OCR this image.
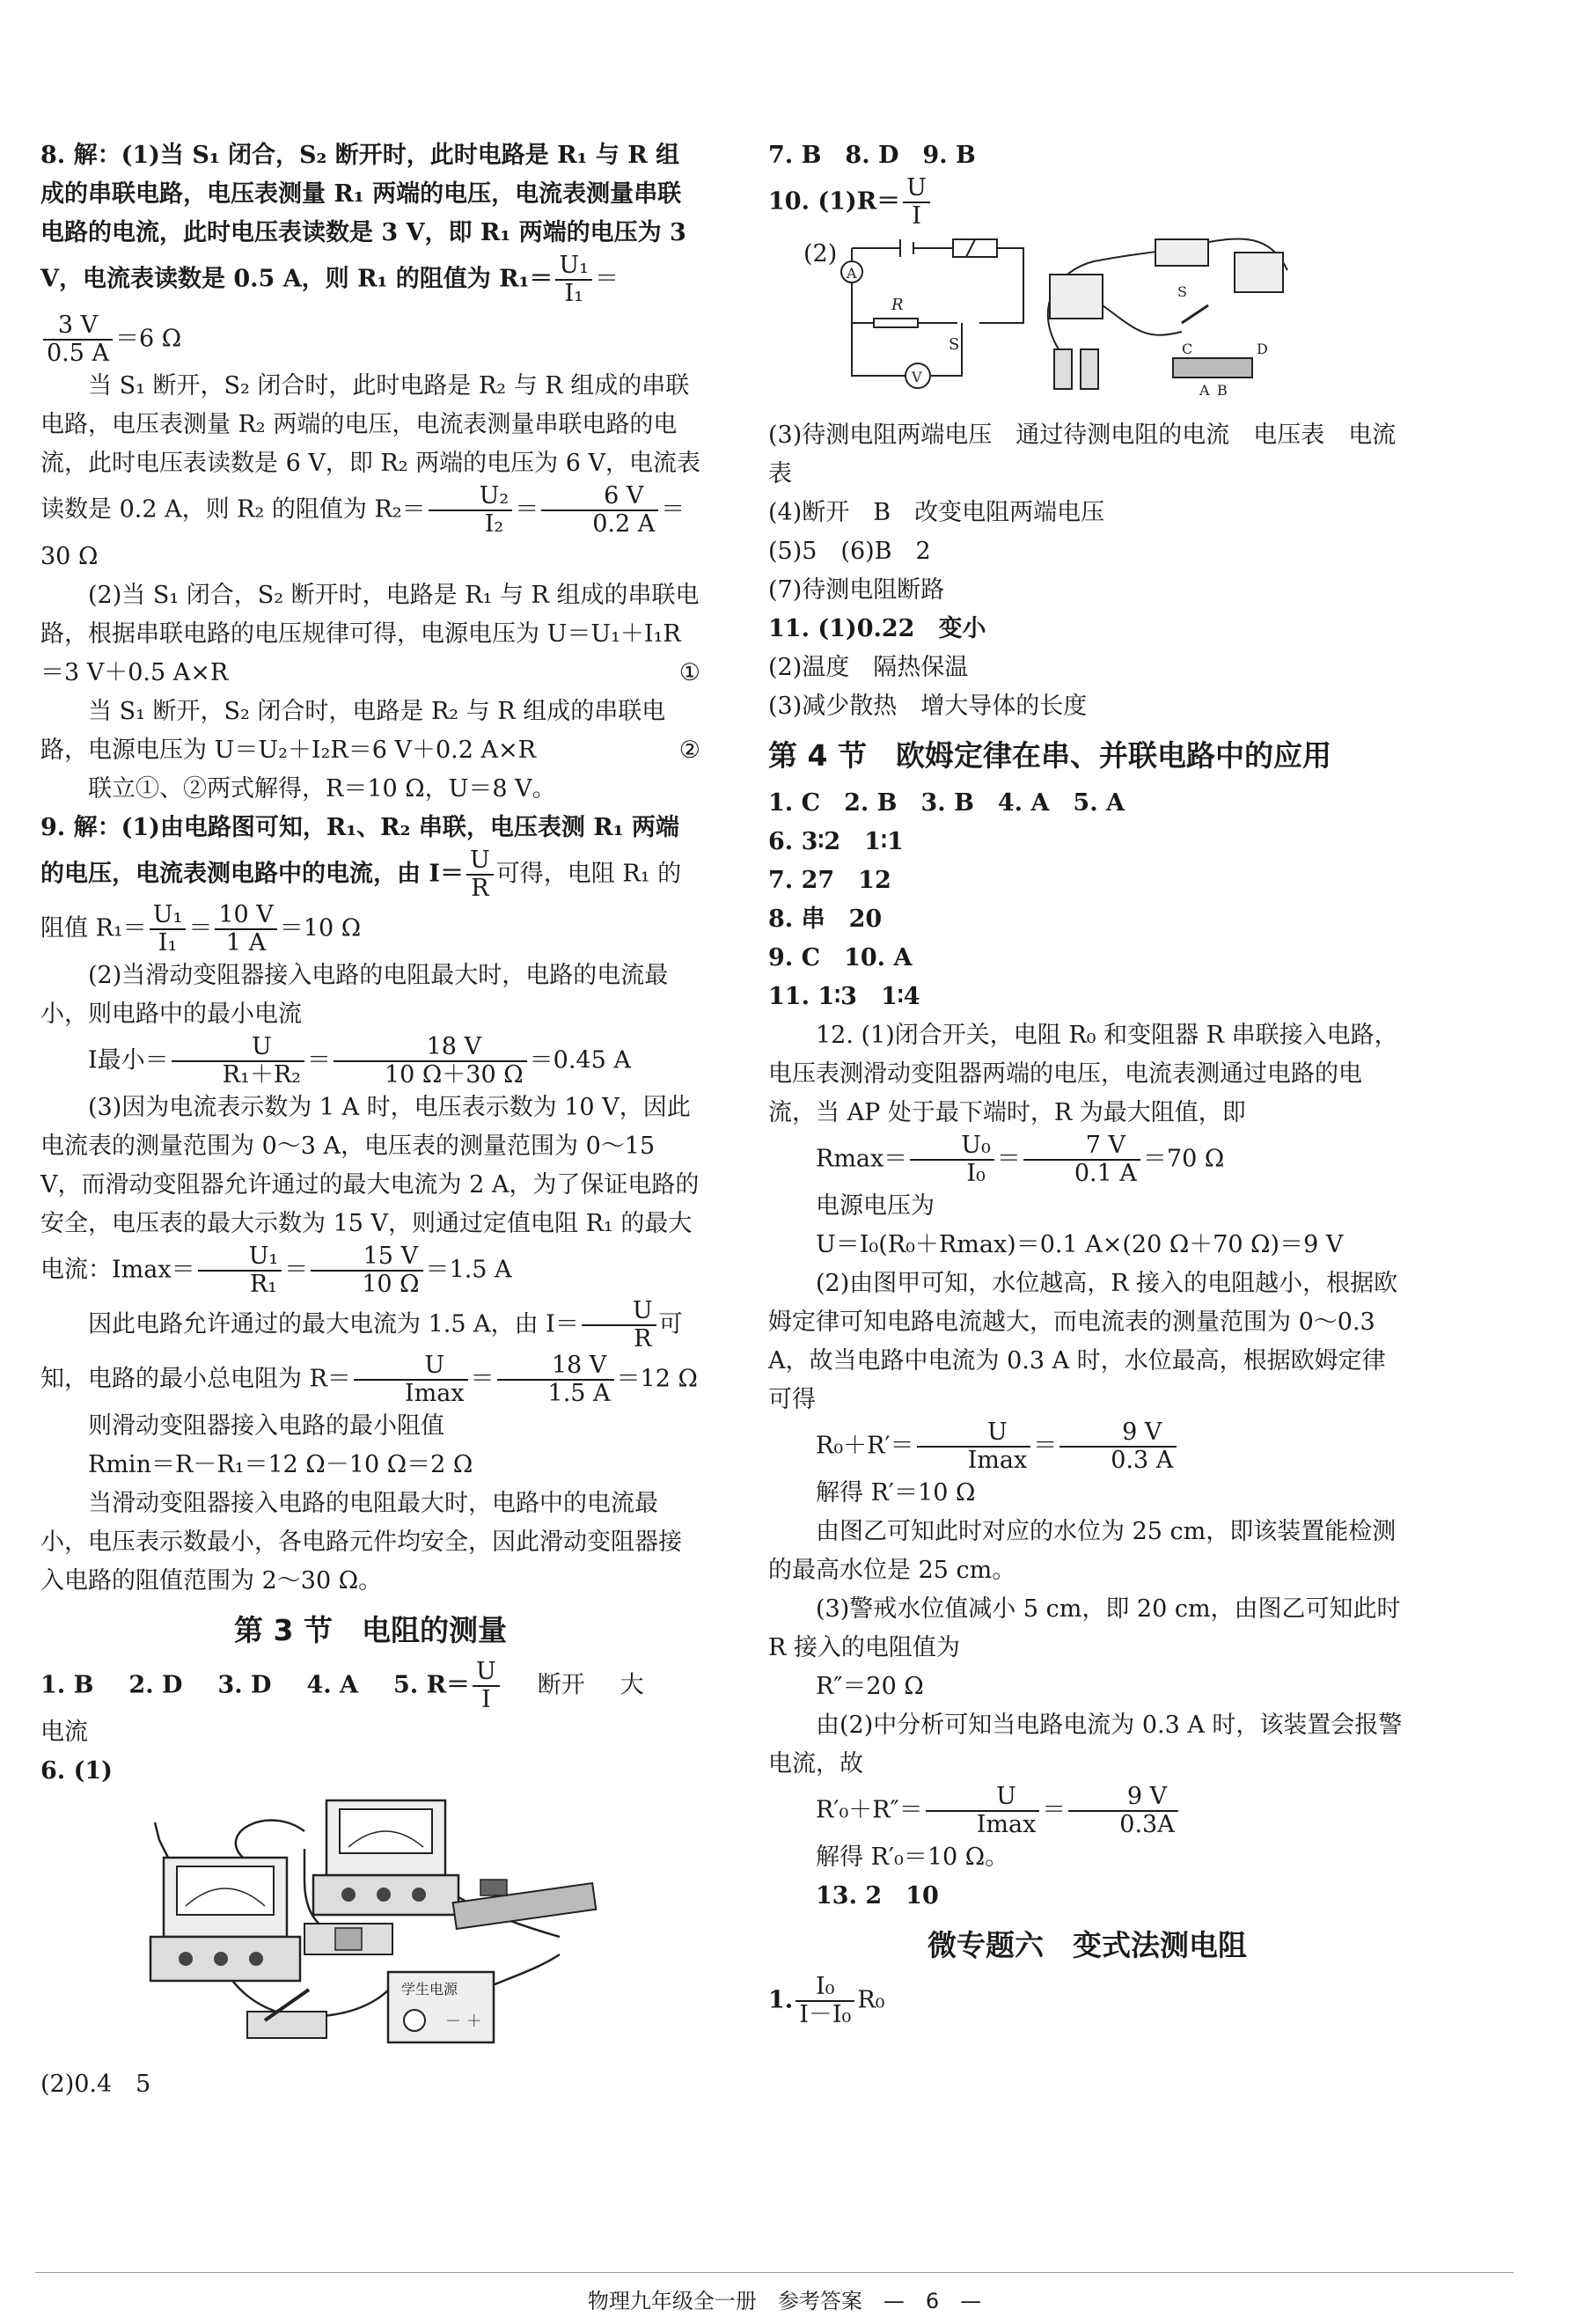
8. 解：(1)当 S₁ 闭合，S₂ 断开时，此时电路是 R₁ 与 R 组成的串联电路，电压表测量 R₁ 两端的电压，电流表测量串联电路的电流，此时电压表读数是 3 V，即 R₁ 两端的电压为 3 V，电流表读数是 0.5 A，则 R₁ 的阻值为 $R_1= \frac{\text{U₁}}{\text{I₁}}$ ＝
$\frac{3 V}{0.5 A} =6$ Ω
当 S₁ 断开，S₂ 闭合时，此时电路是 R₂ 与 R 组成的串联电路，电压表测量 R₂ 两端的电压，电流表测量串联电路的电流，此时电压表读数是 6 V，即 R₂ 两端的电压为 6 V，电流表读数是 0.2 A，则 R₂ 的阻值为 $R_2= \frac{\text{U₂}}{\text{I₂}} = \frac{6 V}{0.2 A} =30$ Ω
(2)当 S₁ 闭合，S₂ 断开时，电路是 R₁ 与 R 组成的串联电路，根据串联电路的电压规律可得，电源电压为 U＝U₁＋I₁R＝3 V＋0.5 A×R	①
当 S₁ 断开，S₂ 闭合时，电路是 R₂ 与 R 组成的串联电路，电源电压为 U＝U₂＋I₂R＝6 V＋0.2 A×R	②
联立①、②两式解得，R＝10 Ω，U＝8 V。
9. 解：(1)由电路图可知，R₁、R₂ 串联，电压表测 R₁ 两端的电压，电流表测电路中的电流，由 $I= \frac{U}{R}$ 可得，电阻 R₁ 的阻值 $R_1= \frac{\text{U₁}}{\text{I₁}} = \frac{10 V}{1 A} =10$ Ω
(2)当滑动变阻器接入电路的电阻最大时，电路的电流最小，则电路中的最小电流
I最小＝ $\frac{U}{\text{R₁＋R₂}} = \frac{18 V}{10 \Omega+30 \Omega} =0.45$ A
(3)因为电流表示数为 1 A 时，电压表示数为 10 V，因此电流表的测量范围为 0～3 A，电压表的测量范围为 0～15 V，而滑动变阻器允许通过的最大电流为 2 A，为了保证电路的安全，电压表的最大示数为 15 V，则通过定值电阻 R₁ 的最大电流：$Imax= \frac{\text{U₁}}{\text{R₁}} = \frac{15 V}{10 \Omega} =1.5$ A
因此电路允许通过的最大电流为 1.5 A，由 $I= \frac{U}{R}$ 可知，电路的最小总电阻为 R＝	U
Imax
＝ $\frac{18 V}{1.5 A} =12$ Ω
则滑动变阻器接入电路的最小阻值
Rmin＝R－R₁＝12 Ω－10 Ω＝2 Ω
当滑动变阻器接入电路的电阻最大时，电路中的电流最小，电压表示数最小，各电路元件均安全，因此滑动变阻器接入电路的阻值范围为 2～30 Ω。
第 3 节　电阻的测量
1. B 2. D 3. D 4. A 5. $R= \frac{U}{I}$ 断开 大电流
6. (1)
学生电源
－ ＋
(2)0.4　5
7. B　8. D　9. B
10. $(1)R= \frac{U}{I}$
(2)
A
R
V
S
S
C	D
A B
(3)待测电阻两端电压　通过待测电阻的电流　电压表　电流表
(4)断开　B　改变电阻两端电压
(5)5　(6)B　2
(7)待测电阻断路
11. (1)0.22　变小
(2)温度　隔热保温
(3)减少散热　增大导体的长度
第 4 节　欧姆定律在串、并联电路中的应用
1. C　2. B　3. B　4. A　5. A
6. 3∶2　1∶1
7. 27　12
8. 串　20
9. C　10. A
11. 1∶3　1∶4
12. (1)闭合开关，电阻 R₀ 和变阻器 R 串联接入电路，电压表测滑动变阻器两端的电压，电流表测通过电路的电流，当 AP 处于最下端时，R 为最大阻值，即
$Rmax= \frac{\text{U₀}}{\text{I₀}} = \frac{7 V}{0.1 A} =70$ Ω
电源电压为
U＝I₀(R₀＋Rmax)＝0.1 A×(20 Ω＋70 Ω)＝9 V
(2)由图甲可知，水位越高，R 接入的电阻越小，根据欧姆定律可知电路电流越大，而电流表的测量范围为 0～0.3 A，故当电路中电流为 0.3 A 时，水位最高，根据欧姆定律可得
R₀＋R′＝	U
Imax
＝ $\frac{9 V}{0.3 A}$
解得 R′＝10 Ω
由图乙可知此时对应的水位为 25 cm，即该装置能检测的最高水位是 25 cm。
(3)警戒水位值减小 5 cm，即 20 cm，由图乙可知此时 R 接入的电阻值为
R″＝20 Ω
由(2)中分析可知当电路电流为 0.3 A 时，该装置会报警电流，故
R′₀＋R″＝	U
Imax
＝ $\frac{9 V}{0.3A}$
解得 R′₀＝10 Ω。
13. 2　10
微专题六　变式法测电阻
1. $\frac{\text{I₀}}{\text{I－I₀}} R_0$
物理九年级全一册　参考答案　—　6　—
